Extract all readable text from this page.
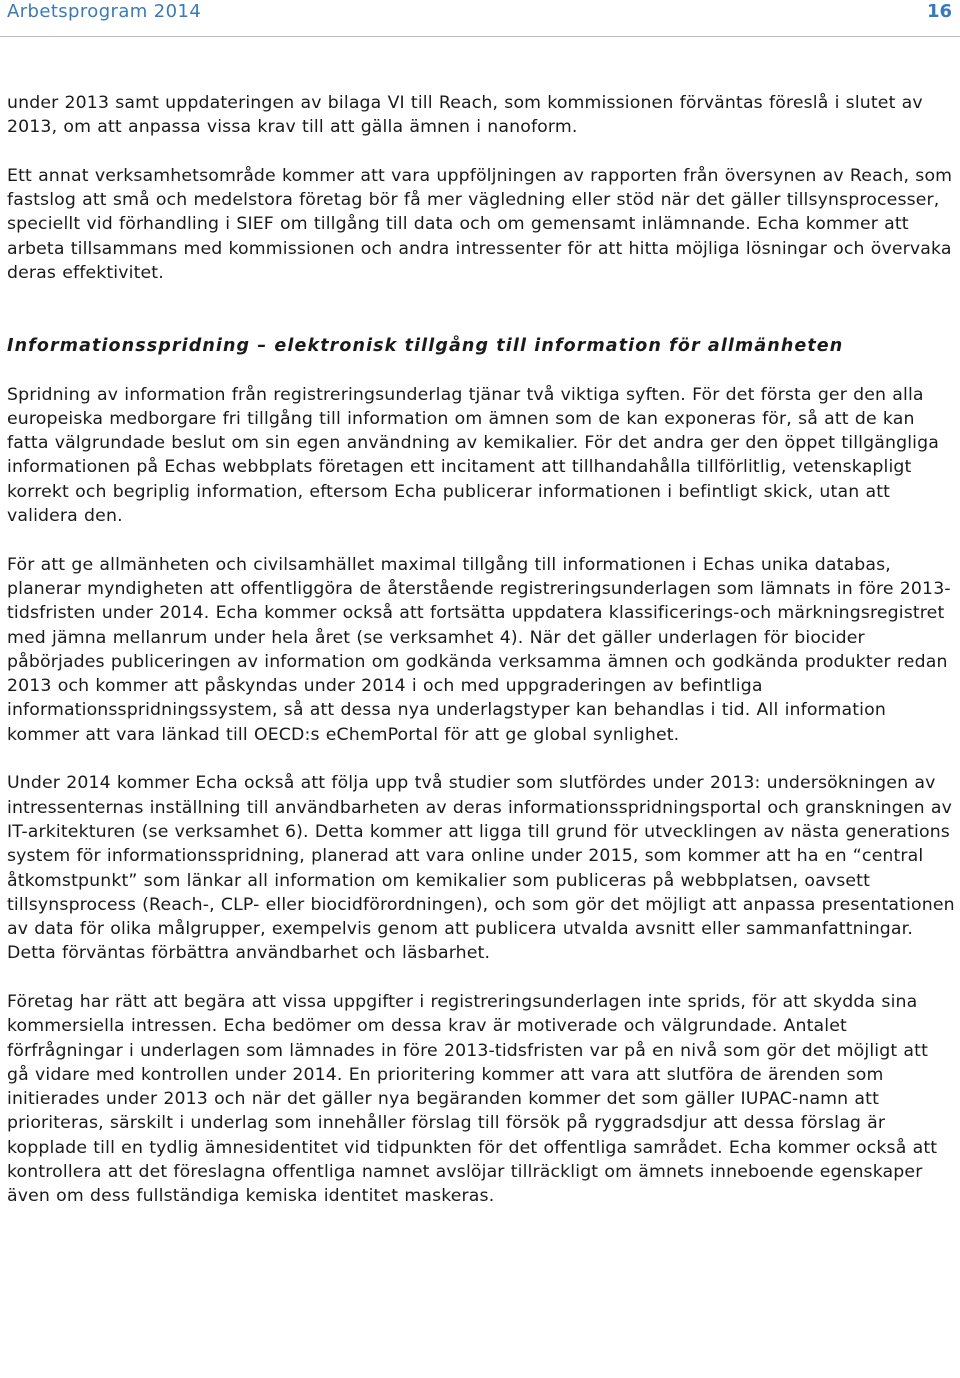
Arbetsprogram 2014	16

under 2013 samt uppdateringen av bilaga VI till Reach, som kommissionen förväntas föreslå i slutet av 2013, om att anpassa vissa krav till att gälla ämnen i nanoform.

Ett annat verksamhetsområde kommer att vara uppföljningen av rapporten från översynen av Reach, som fastslog att små och medelstora företag bör få mer vägledning eller stöd när det gäller tillsynsprocesser, speciellt vid förhandling i SIEF om tillgång till data och om gemensamt inlämnande. Echa kommer att arbeta tillsammans med kommissionen och andra intressenter för att hitta möjliga lösningar och övervaka deras effektivitet.

Informationsspridning – elektronisk tillgång till information för allmänheten

Spridning av information från registreringsunderlag tjänar två viktiga syften. För det första ger den alla europeiska medborgare fri tillgång till information om ämnen som de kan exponeras för, så att de kan fatta välgrundade beslut om sin egen användning av kemikalier. För det andra ger den öppet tillgängliga informationen på Echas webbplats företagen ett incitament att tillhandahålla tillförlitlig, vetenskapligt korrekt och begriplig information, eftersom Echa publicerar informationen i befintligt skick, utan att validera den.

För att ge allmänheten och civilsamhället maximal tillgång till informationen i Echas unika databas, planerar myndigheten att offentliggöra de återstående registreringsunderlagen som lämnats in före 2013-tidsfristen under 2014. Echa kommer också att fortsätta uppdatera klassificerings-och märkningsregistret med jämna mellanrum under hela året (se verksamhet 4). När det gäller underlagen för biocider påbörjades publiceringen av information om godkända verksamma ämnen och godkända produkter redan 2013 och kommer att påskyndas under 2014 i och med uppgraderingen av befintliga informationsspridningssystem, så att dessa nya underlagstyper kan behandlas i tid. All information kommer att vara länkad till OECD:s eChemPortal för att ge global synlighet.

Under 2014 kommer Echa också att följa upp två studier som slutfördes under 2013: undersökningen av intressenternas inställning till användbarheten av deras informationsspridningsportal och granskningen av IT-arkitekturen (se verksamhet 6). Detta kommer att ligga till grund för utvecklingen av nästa generations system för informationsspridning, planerad att vara online under 2015, som kommer att ha en “central åtkomstpunkt” som länkar all information om kemikalier som publiceras på webbplatsen, oavsett tillsynsprocess (Reach-, CLP- eller biocidförordningen), och som gör det möjligt att anpassa presentationen av data för olika målgrupper, exempelvis genom att publicera utvalda avsnitt eller sammanfattningar. Detta förväntas förbättra användbarhet och läsbarhet.

Företag har rätt att begära att vissa uppgifter i registreringsunderlagen inte sprids, för att skydda sina kommersiella intressen. Echa bedömer om dessa krav är motiverade och välgrundade. Antalet förfrågningar i underlagen som lämnades in före 2013-tidsfristen var på en nivå som gör det möjligt att gå vidare med kontrollen under 2014. En prioritering kommer att vara att slutföra de ärenden som initierades under 2013 och när det gäller nya begäranden kommer det som gäller IUPAC-namn att prioriteras, särskilt i underlag som innehåller förslag till försök på ryggradsdjur att dessa förslag är kopplade till en tydlig ämnesidentitet vid tidpunkten för det offentliga samrådet. Echa kommer också att kontrollera att det föreslagna offentliga namnet avslöjar tillräckligt om ämnets inneboende egenskaper även om dess fullständiga kemiska identitet maskeras.
